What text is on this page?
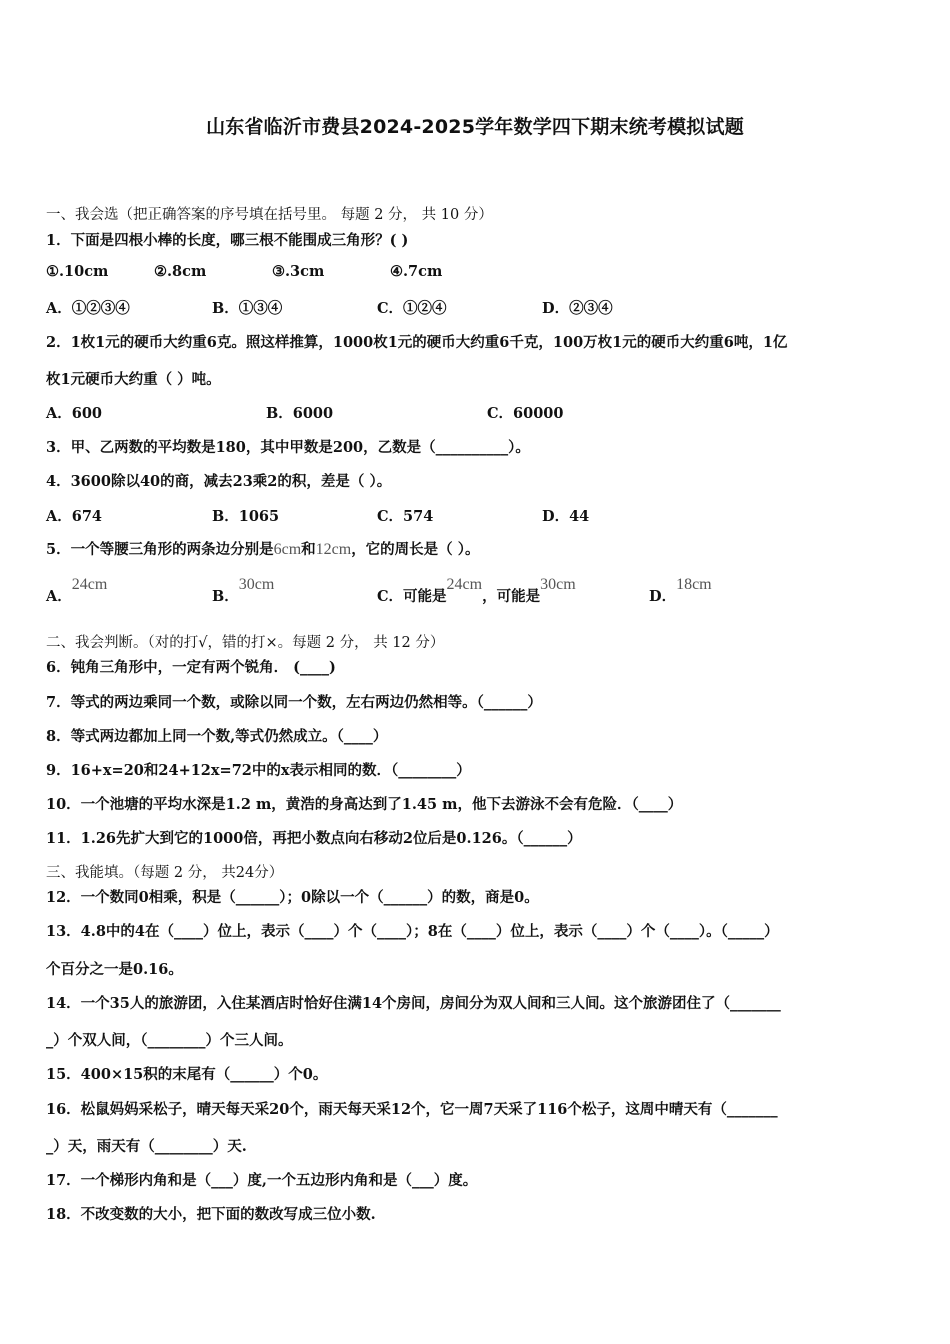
山东省临沂市费县2024-2025学年数学四下期末统考模拟试题
一、我会选（把正确答案的序号填在括号里。 每题 2 分， 共 10 分）
1．下面是四根小棒的长度，哪三根不能围成三角形？( )
①.10cm	②.8cm	③.3cm	④.7cm
A．①②③④	B．①③④	C．①②④	D．②③④
2．1枚1元的硬币大约重6克。照这样推算，1000枚1元的硬币大约重6千克，100万枚1元的硬币大约重6吨，1亿
枚1元硬币大约重（ ）吨。
A．600	B．6000	C．60000
3．甲、乙两数的平均数是180，其中甲数是200，乙数是（__________）。
4．3600除以40的商，减去23乘2的积，差是（ ）。
A．674	B．1065	C．574	D．44
5．一个等腰三角形的两条边分别是6cm和12cm，它的周长是（ ）。
A．24cm
B．30cm
C．可能是24cm，可能是30cm
D．18cm
二、我会判断。（对的打√，错的打×。每题 2 分， 共 12 分）
6．钝角三角形中，一定有两个锐角． (____)
7．等式的两边乘同一个数，或除以同一个数，左右两边仍然相等。（______）
8．等式两边都加上同一个数,等式仍然成立。（____）
9．16+x=20和24+12x=72中的x表示相同的数．（________）
10．一个池塘的平均水深是1.2 m，黄浩的身高达到了1.45 m，他下去游泳不会有危险．（____）
11．1.26先扩大到它的1000倍，再把小数点向右移动2位后是0.126。（______）
三、我能填。（每题 2 分， 共24分）
12．一个数同0相乘，积是（______）；0除以一个（______）的数，商是0。
13．4.8中的4在（____）位上，表示（____）个（____）；8在（____）位上，表示（____）个（____）。（_____）
个百分之一是0.16。
14．一个35人的旅游团，入住某酒店时恰好住满14个房间，房间分为双人间和三人间。这个旅游团住了（_______
_）个双人间，（________）个三人间。
15．400×15积的末尾有（______）个0。
16．松鼠妈妈采松子，晴天每天采20个，雨天每天采12个，它一周7天采了116个松子，这周中晴天有（_______
_）天，雨天有（________）天.
17．一个梯形内角和是（___）度,一个五边形内角和是（___）度。
18．不改变数的大小，把下面的数改写成三位小数.
